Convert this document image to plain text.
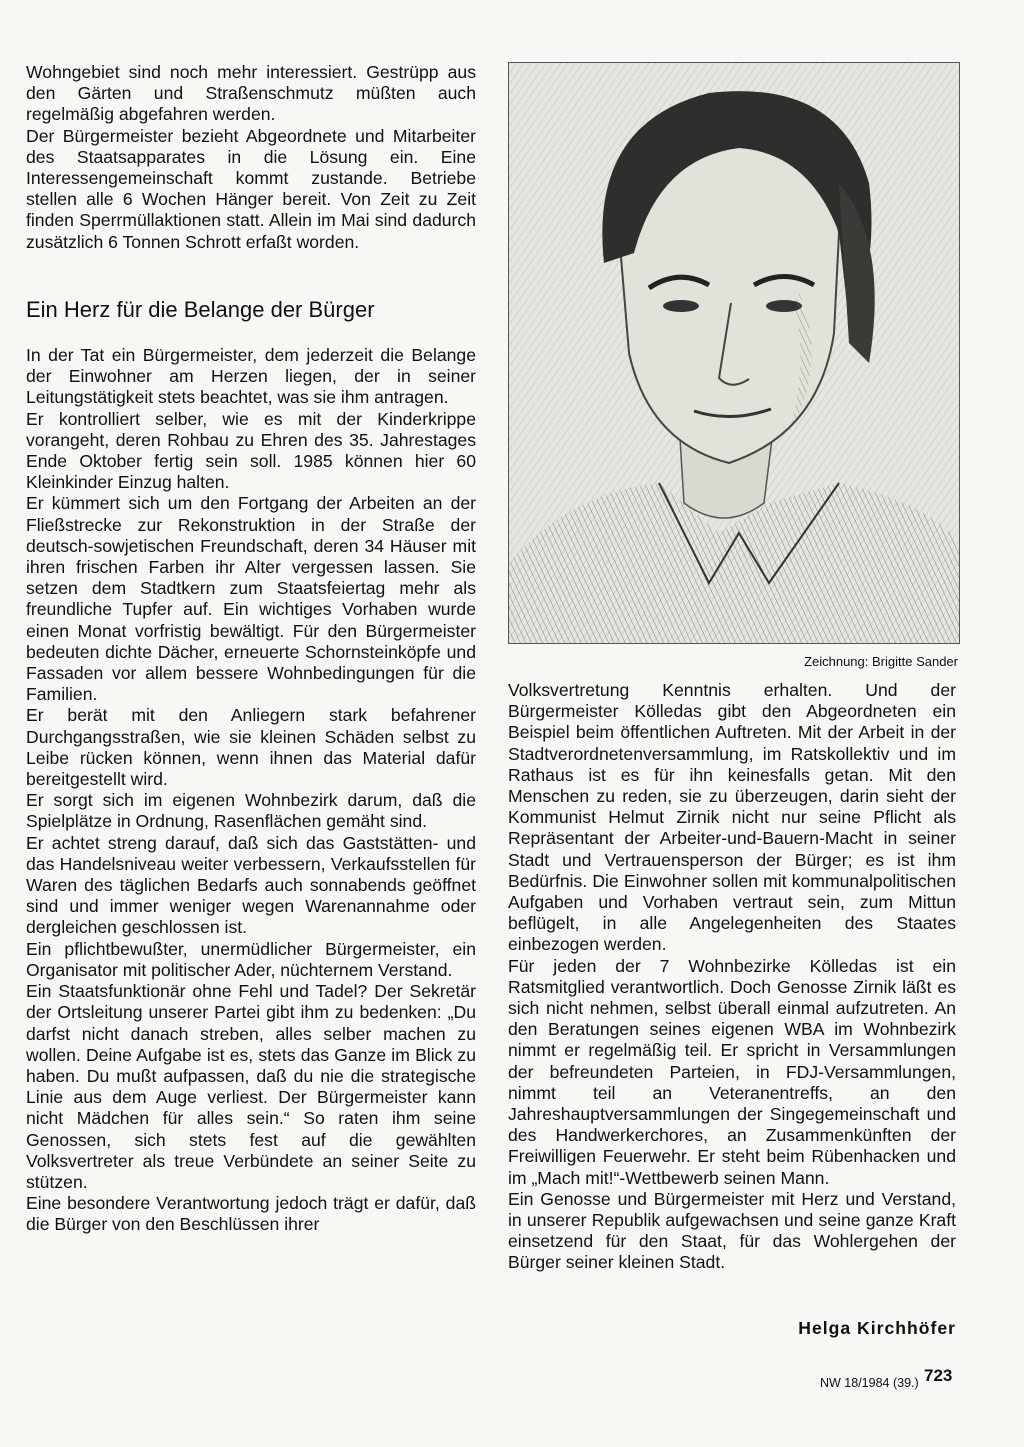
Wohngebiet sind noch mehr interessiert. Gestrüpp aus den Gärten und Straßenschmutz müßten auch regelmäßig abgefahren werden.

Der Bürgermeister bezieht Abgeordnete und Mitarbeiter des Staatsapparates in die Lösung ein. Eine Interessengemeinschaft kommt zustande. Betriebe stellen alle 6 Wochen Hänger bereit. Von Zeit zu Zeit finden Sperrmüllaktionen statt. Allein im Mai sind dadurch zusätzlich 6 Tonnen Schrott erfaßt worden.

Ein Herz für die Belange der Bürger

In der Tat ein Bürgermeister, dem jederzeit die Belange der Einwohner am Herzen liegen, der in seiner Leitungstätigkeit stets beachtet, was sie ihm antragen.

Er kontrolliert selber, wie es mit der Kinderkrippe vorangeht, deren Rohbau zu Ehren des 35. Jahrestages Ende Oktober fertig sein soll. 1985 können hier 60 Kleinkinder Einzug halten.

Er kümmert sich um den Fortgang der Arbeiten an der Fließstrecke zur Rekonstruktion in der Straße der deutsch-sowjetischen Freundschaft, deren 34 Häuser mit ihren frischen Farben ihr Alter vergessen lassen. Sie setzen dem Stadtkern zum Staatsfeiertag mehr als freundliche Tupfer auf. Ein wichtiges Vorhaben wurde einen Monat vorfristig bewältigt. Für den Bürgermeister bedeuten dichte Dächer, erneuerte Schornsteinköpfe und Fassaden vor allem bessere Wohnbedingungen für die Familien.

Er berät mit den Anliegern stark befahrener Durchgangsstraßen, wie sie kleinen Schäden selbst zu Leibe rücken können, wenn ihnen das Material dafür bereitgestellt wird.

Er sorgt sich im eigenen Wohnbezirk darum, daß die Spielplätze in Ordnung, Rasenflächen gemäht sind.

Er achtet streng darauf, daß sich das Gaststätten- und das Handelsniveau weiter verbessern, Verkaufsstellen für Waren des täglichen Bedarfs auch sonnabends geöffnet sind und immer weniger wegen Warenannahme oder dergleichen geschlossen ist.

Ein pflichtbewußter, unermüdlicher Bürgermeister, ein Organisator mit politischer Ader, nüchternem Verstand.

Ein Staatsfunktionär ohne Fehl und Tadel? Der Sekretär der Ortsleitung unserer Partei gibt ihm zu bedenken: „Du darfst nicht danach streben, alles selber machen zu wollen. Deine Aufgabe ist es, stets das Ganze im Blick zu haben. Du mußt aufpassen, daß du nie die strategische Linie aus dem Auge verliest. Der Bürgermeister kann nicht Mädchen für alles sein.“ So raten ihm seine Genossen, sich stets fest auf die gewählten Volksvertreter als treue Verbündete an seiner Seite zu stützen.

Eine besondere Verantwortung jedoch trägt er dafür, daß die Bürger von den Beschlüssen ihrer

Zeichnung: Brigitte Sander

Volksvertretung Kenntnis erhalten. Und der Bürgermeister Kölledas gibt den Abgeordneten ein Beispiel beim öffentlichen Auftreten. Mit der Arbeit in der Stadtverordnetenversammlung, im Ratskollektiv und im Rathaus ist es für ihn keinesfalls getan. Mit den Menschen zu reden, sie zu überzeugen, darin sieht der Kommunist Helmut Zirnik nicht nur seine Pflicht als Repräsentant der Arbeiter-und-Bauern-Macht in seiner Stadt und Vertrauensperson der Bürger; es ist ihm Bedürfnis. Die Einwohner sollen mit kommunalpolitischen Aufgaben und Vorhaben vertraut sein, zum Mittun beflügelt, in alle Angelegenheiten des Staates einbezogen werden.

Für jeden der 7 Wohnbezirke Kölledas ist ein Ratsmitglied verantwortlich. Doch Genosse Zirnik läßt es sich nicht nehmen, selbst überall einmal aufzutreten. An den Beratungen seines eigenen WBA im Wohnbezirk nimmt er regelmäßig teil. Er spricht in Versammlungen der befreundeten Parteien, in FDJ-Versammlungen, nimmt teil an Veteranentreffs, an den Jahreshauptversammlungen der Singegemeinschaft und des Handwerkerchores, an Zusammenkünften der Freiwilligen Feuerwehr. Er steht beim Rübenhacken und im „Mach mit!“-Wettbewerb seinen Mann.

Ein Genosse und Bürgermeister mit Herz und Verstand, in unserer Republik aufgewachsen und seine ganze Kraft einsetzend für den Staat, für das Wohlergehen der Bürger seiner kleinen Stadt.

Helga Kirchhöfer
NW 18/1984 (39.) 723
